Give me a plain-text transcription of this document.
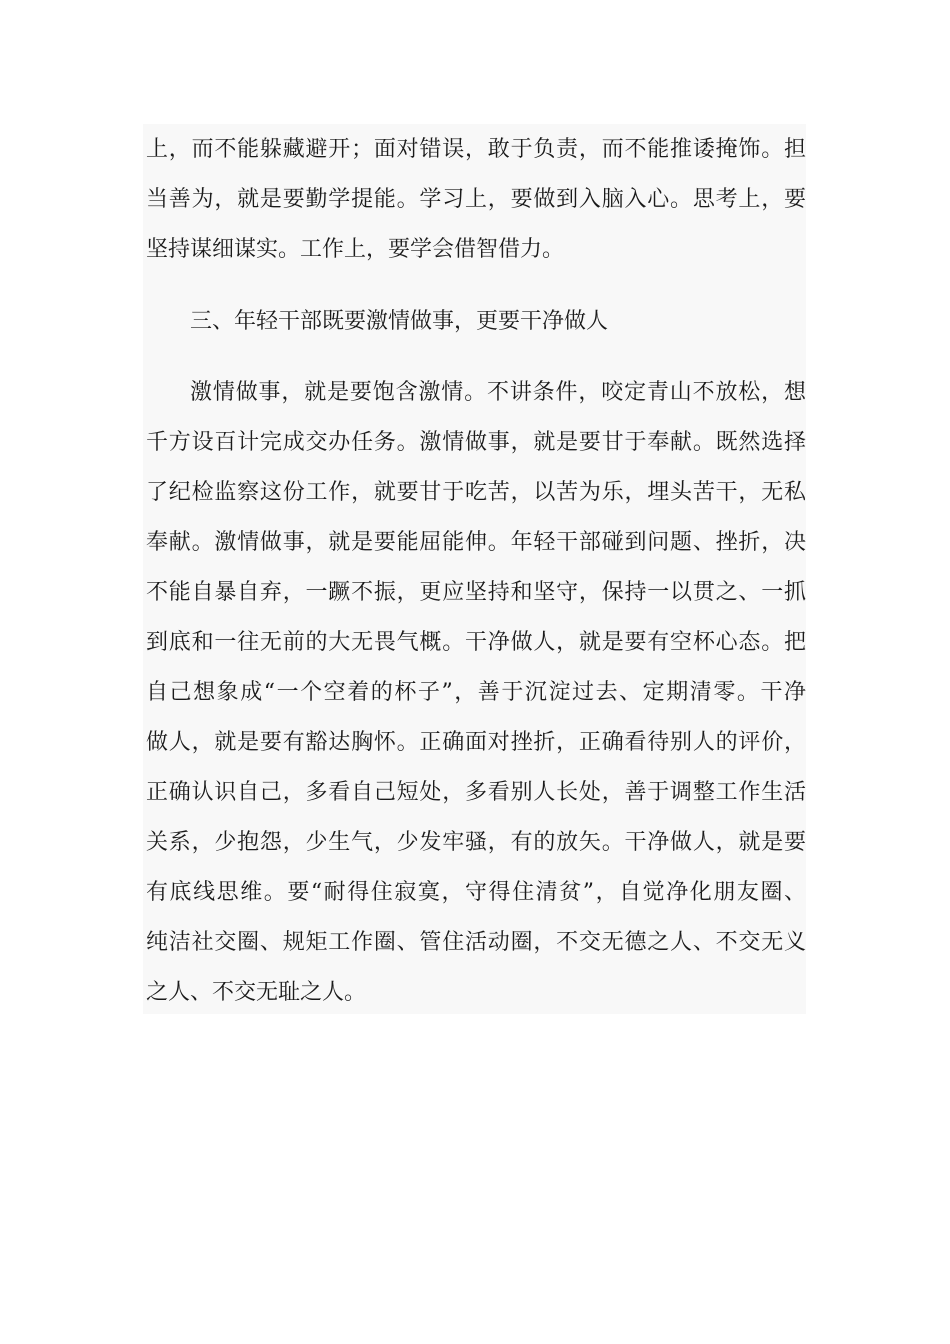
上，而不能躲藏避开；面对错误，敢于负责，而不能推诿掩饰。担
当善为，就是要勤学提能。学习上，要做到入脑入心。思考上，要
坚持谋细谋实。工作上，要学会借智借力。
三、年轻干部既要激情做事，更要干净做人
激情做事，就是要饱含激情。不讲条件，咬定青山不放松，想
千方设百计完成交办任务。激情做事，就是要甘于奉献。既然选择
了纪检监察这份工作，就要甘于吃苦，以苦为乐，埋头苦干，无私
奉献。激情做事，就是要能屈能伸。年轻干部碰到问题、挫折，决
不能自暴自弃，一蹶不振，更应坚持和坚守，保持一以贯之、一抓
到底和一往无前的大无畏气概。干净做人，就是要有空杯心态。把
自己想象成“一个空着的杯子”，善于沉淀过去、定期清零。干净
做人，就是要有豁达胸怀。正确面对挫折，正确看待别人的评价，
正确认识自己，多看自己短处，多看别人长处，善于调整工作生活
关系，少抱怨，少生气，少发牢骚，有的放矢。干净做人，就是要
有底线思维。要“耐得住寂寞，守得住清贫”，自觉净化朋友圈、
纯洁社交圈、规矩工作圈、管住活动圈，不交无德之人、不交无义
之人、不交无耻之人。
